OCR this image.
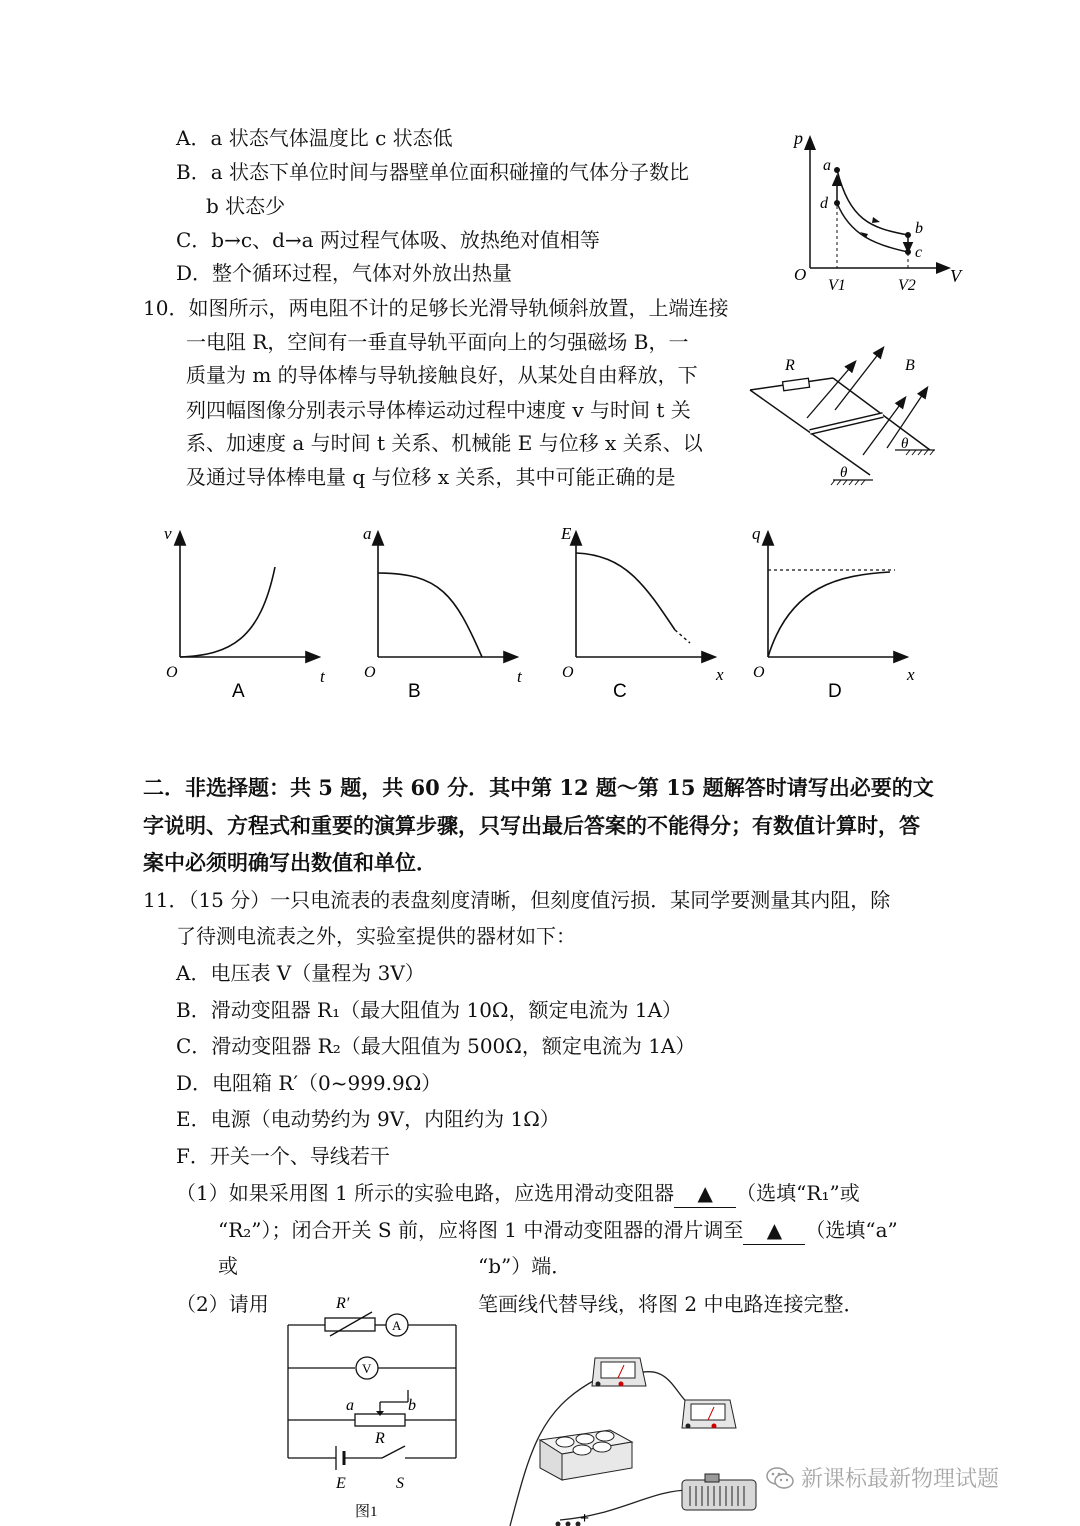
A．a 状态气体温度比 c 状态低
B．a 状态下单位时间与器壁单位面积碰撞的气体分子数比
b 状态少
C．b→c、d→a 两过程气体吸、放热绝对值相等
D．整个循环过程，气体对外放出热量
p
V
O
a
d
b
c
V1	V2
10．如图所示，两电阻不计的足够长光滑导轨倾斜放置，上端连接
一电阻 R，空间有一垂直导轨平面向上的匀强磁场 B，一
质量为 m 的导体棒与导轨接触良好，从某处自由释放，下
列四幅图像分别表示导体棒运动过程中速度 v 与时间 t 关
系、加速度 a 与时间 t 关系、机械能 E 与位移 x 关系、以
及通过导体棒电量 q 与位移 x 关系，其中可能正确的是
R	B
θ
θ
v
t
O
A
a
t
O
B
E
x
O
C
q
x
O
D
二．非选择题：共 5 题，共 60 分．其中第 12 题～第 15 题解答时请写出必要的文
字说明、方程式和重要的演算步骤，只写出最后答案的不能得分；有数值计算时，答
案中必须明确写出数值和单位．
11．（15 分）一只电流表的表盘刻度清晰，但刻度值污损．某同学要测量其内阻，除
了待测电流表之外，实验室提供的器材如下：
A．电压表 V（量程为 3V）
B．滑动变阻器 R₁（最大阻值为 10Ω，额定电流为 1A）
C．滑动变阻器 R₂（最大阻值为 500Ω，额定电流为 1A）
D．电阻箱 R′（0~999.9Ω）
E．电源（电动势约为 9V，内阻约为 1Ω）
F．开关一个、导线若干
（1）如果采用图 1 所示的实验电路，应选用滑动变阻器 ▲ （选填“R₁”或
“R₂”）；闭合开关 S 前，应将图 1 中滑动变阻器的滑片调至 ▲ （选填“a”
或	“b”）端．
（2）请用	笔画线代替导线，将图 2 中电路连接完整．
R′
A
V
a	b
R
E	S
图1	+
新课标最新物理试题
